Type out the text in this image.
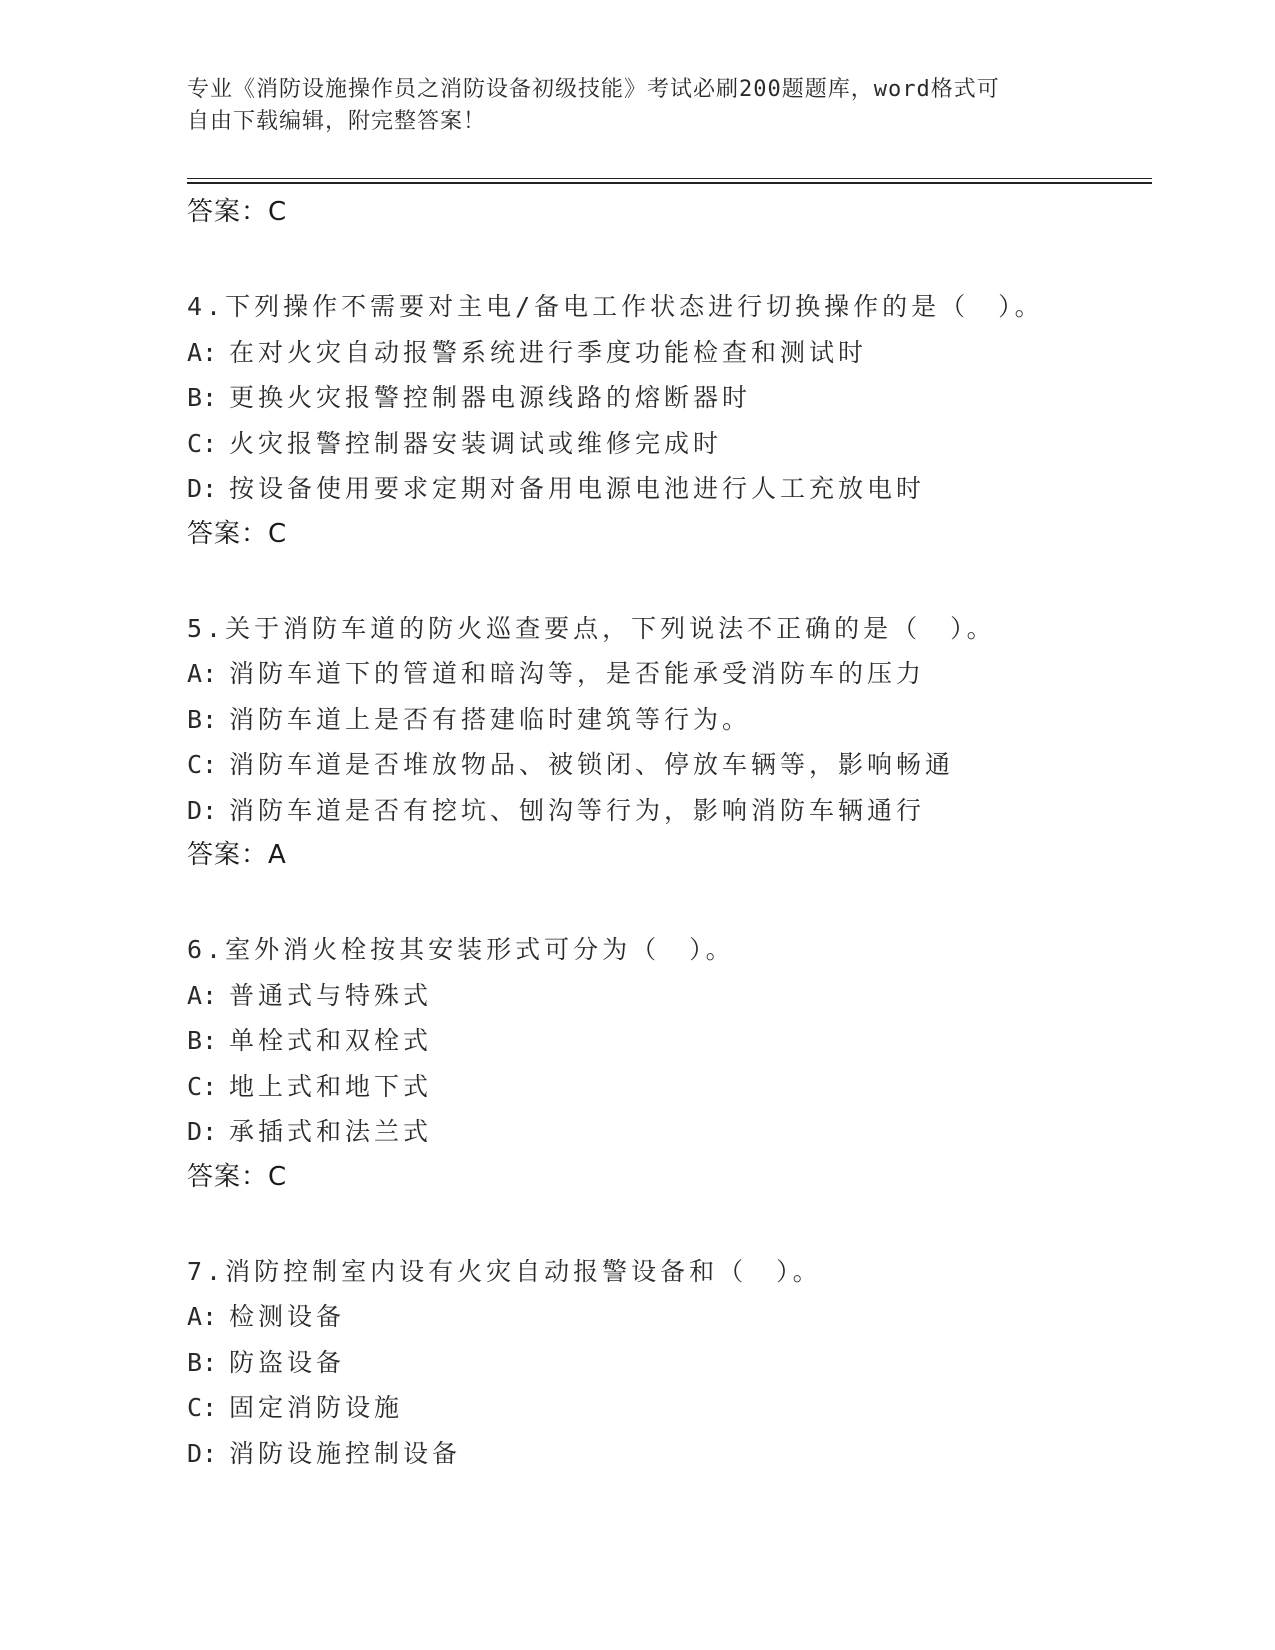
专业《消防设施操作员之消防设备初级技能》考试必刷200题题库，word格式可
自由下载编辑，附完整答案！
答案：C
4.下列操作不需要对主电/备电工作状态进行切换操作的是（　）。
A: 在对火灾自动报警系统进行季度功能检查和测试时
B: 更换火灾报警控制器电源线路的熔断器时
C: 火灾报警控制器安装调试或维修完成时
D: 按设备使用要求定期对备用电源电池进行人工充放电时
答案：C
5.关于消防车道的防火巡查要点，下列说法不正确的是（　）。
A: 消防车道下的管道和暗沟等，是否能承受消防车的压力
B: 消防车道上是否有搭建临时建筑等行为。
C: 消防车道是否堆放物品、被锁闭、停放车辆等，影响畅通
D: 消防车道是否有挖坑、刨沟等行为，影响消防车辆通行
答案：A
6.室外消火栓按其安装形式可分为（　）。
A: 普通式与特殊式
B: 单栓式和双栓式
C: 地上式和地下式
D: 承插式和法兰式
答案：C
7.消防控制室内设有火灾自动报警设备和（　）。
A: 检测设备
B: 防盗设备
C: 固定消防设施
D: 消防设施控制设备
